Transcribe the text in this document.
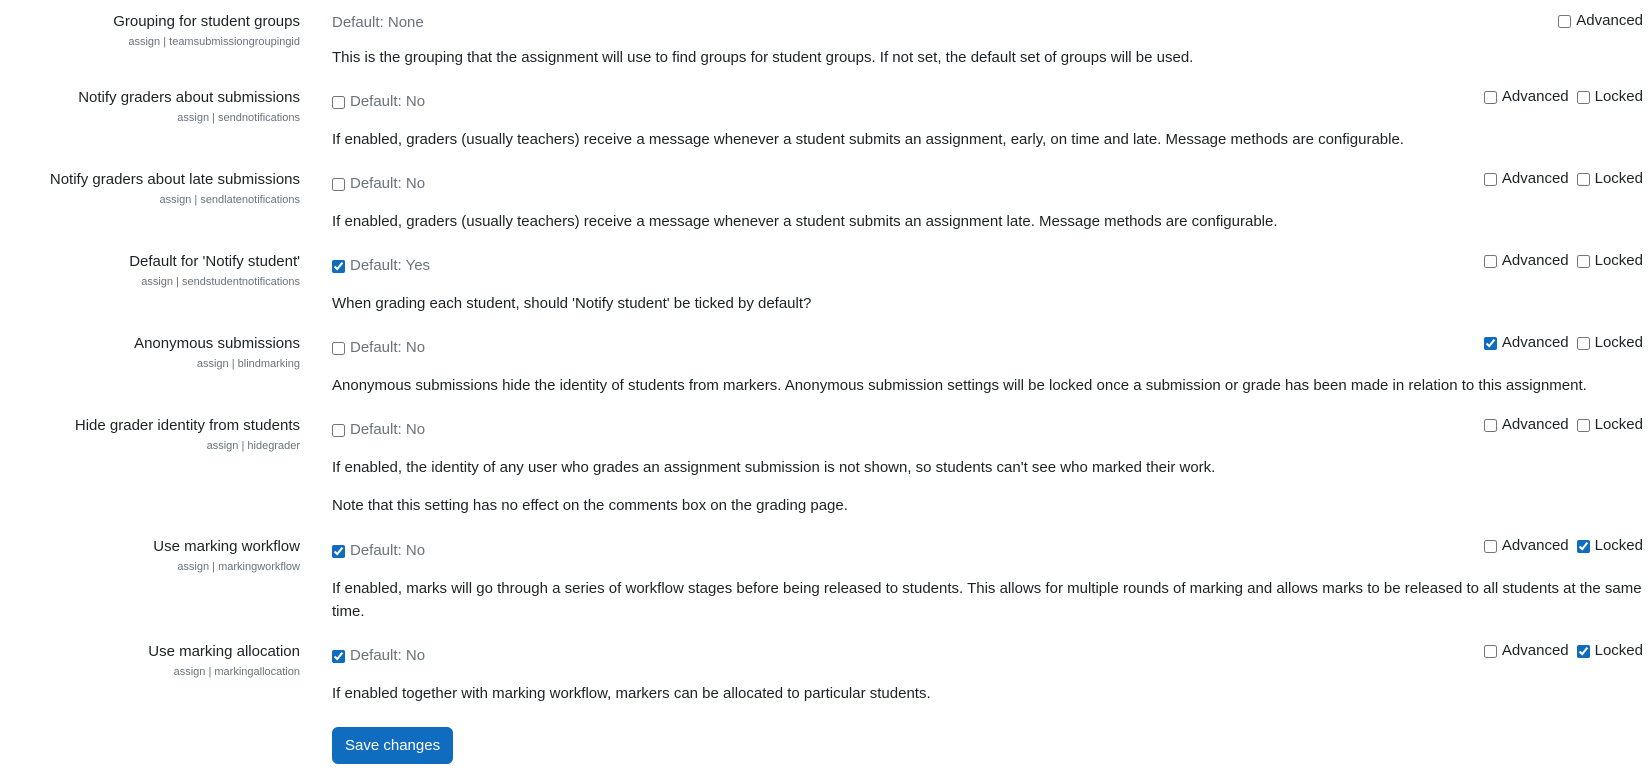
Grouping for student groups
assign | teamsubmissiongroupingid
Default: None	Advanced
This is the grouping that the assignment will use to find groups for student groups. If not set, the default set of groups will be used.
Notify graders about submissions
assign | sendnotifications
Default: No	Advanced Locked
If enabled, graders (usually teachers) receive a message whenever a student submits an assignment, early, on time and late. Message methods are configurable.
Notify graders about late submissions
assign | sendlatenotifications
Default: No	Advanced Locked
If enabled, graders (usually teachers) receive a message whenever a student submits an assignment late. Message methods are configurable.
Default for 'Notify student'
assign | sendstudentnotifications
Default: Yes	Advanced Locked
When grading each student, should 'Notify student' be ticked by default?
Anonymous submissions
assign | blindmarking
Default: No	Advanced Locked
Anonymous submissions hide the identity of students from markers. Anonymous submission settings will be locked once a submission or grade has been made in relation to this assignment.
Hide grader identity from students
assign | hidegrader
Default: No	Advanced Locked
If enabled, the identity of any user who grades an assignment submission is not shown, so students can't see who marked their work.
Note that this setting has no effect on the comments box on the grading page.
Use marking workflow
assign | markingworkflow
Default: No	Advanced Locked
If enabled, marks will go through a series of workflow stages before being released to students. This allows for multiple rounds of marking and allows marks to be released to all students at the same time.
Use marking allocation
assign | markingallocation
Default: No	Advanced Locked
If enabled together with marking workflow, markers can be allocated to particular students.
Save changes
